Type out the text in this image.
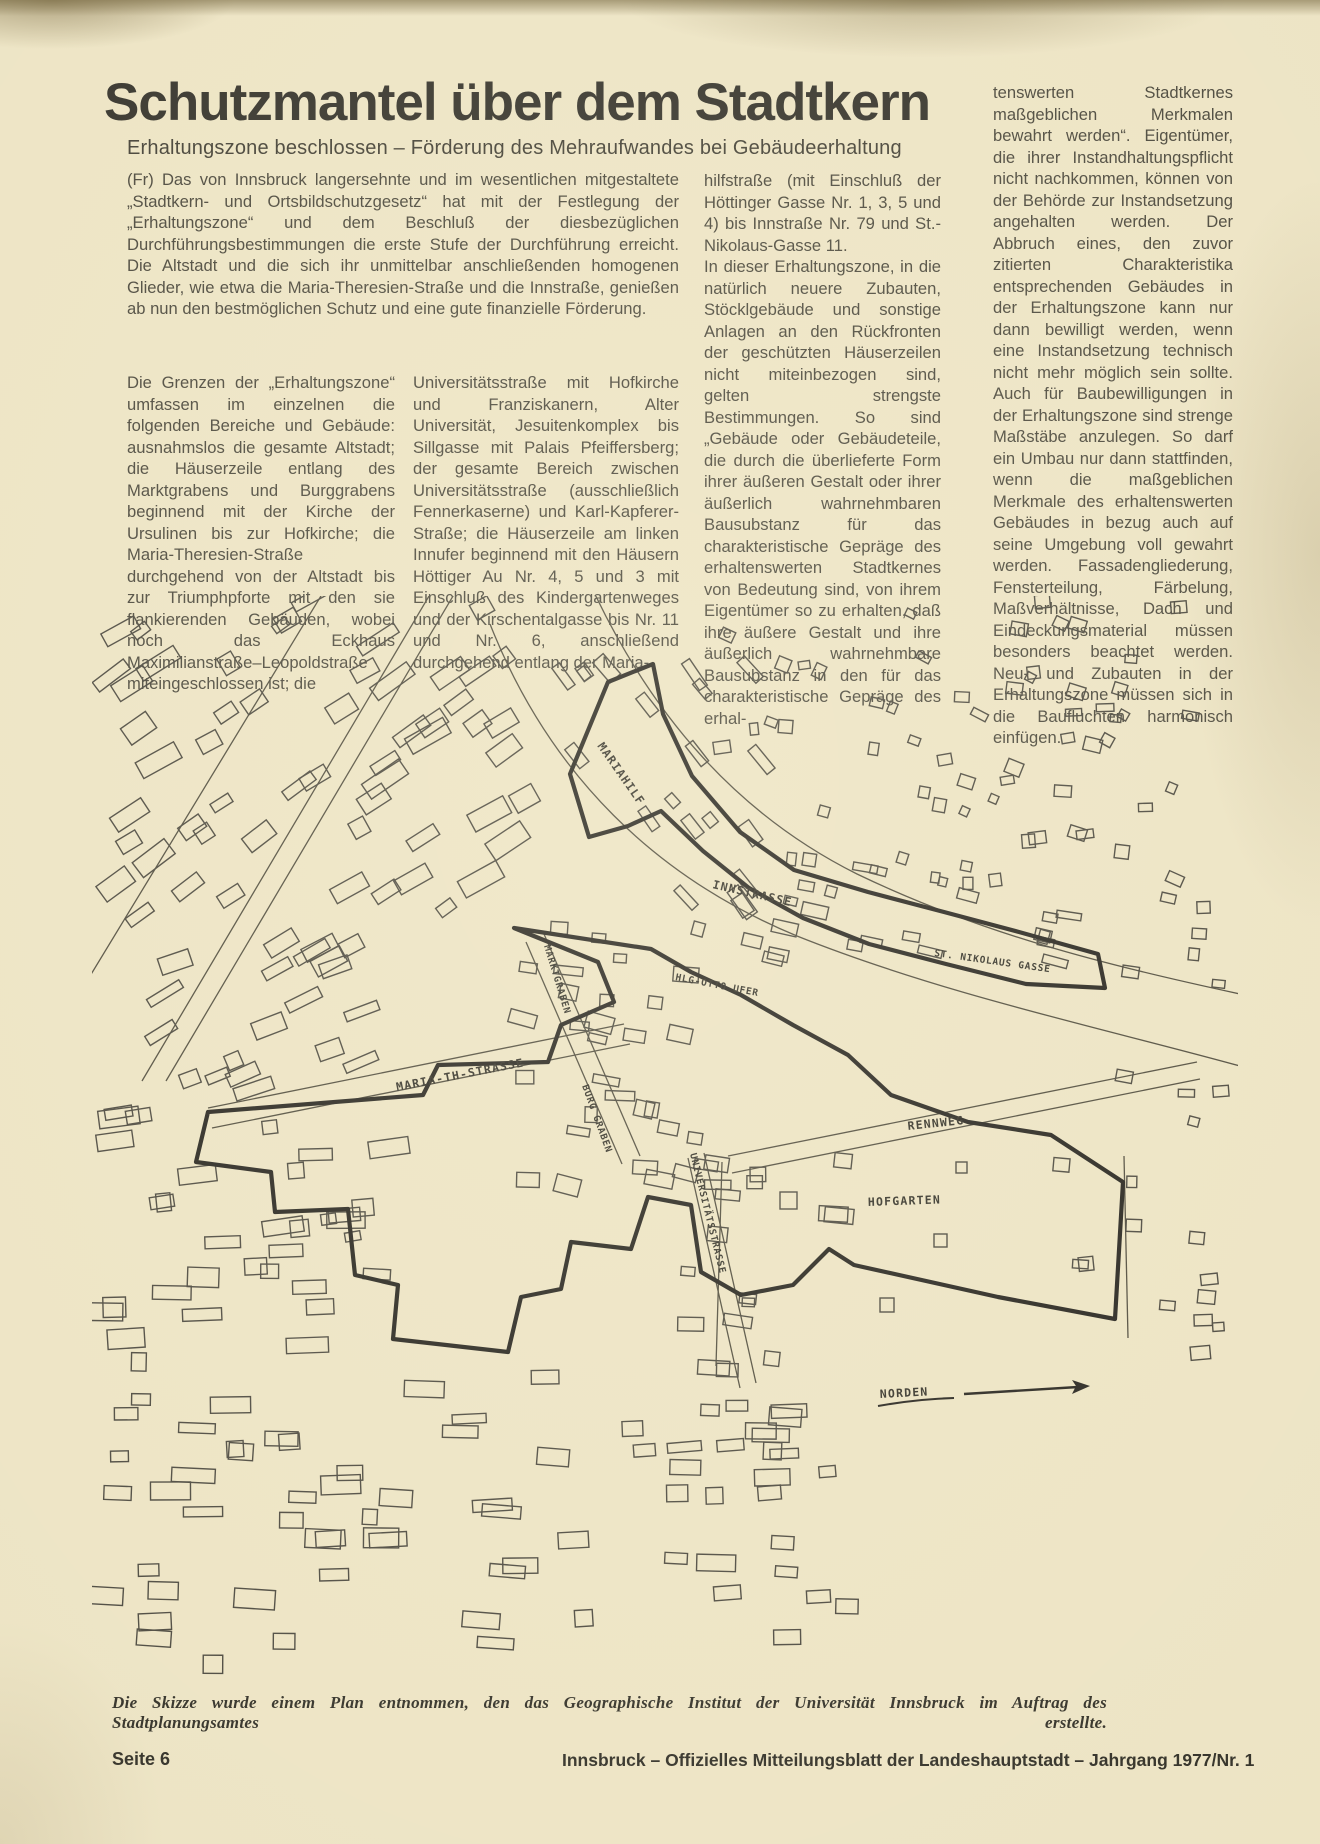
Schutzmantel über dem Stadtkern
Erhaltungszone beschlossen – Förderung des Mehraufwandes bei Gebäudeerhaltung

(Fr) Das von Innsbruck langersehnte und im wesentlichen mitgestaltete „Stadtkern- und Ortsbildschutzgesetz“ hat mit der Festlegung der „Erhaltungszone“ und dem Beschluß der diesbezüglichen Durchführungsbestimmungen die erste Stufe der Durchführung erreicht. Die Altstadt und die sich ihr unmittelbar anschließenden homogenen Glieder, wie etwa die Maria-Theresien-Straße und die Innstraße, genießen ab nun den bestmöglichen Schutz und eine gute finanzielle Förderung.

Die Grenzen der „Erhaltungszone“ umfassen im einzelnen die folgenden Bereiche und Gebäude: ausnahmslos die gesamte Altstadt; die Häuserzeile entlang des Marktgrabens und Burggrabens beginnend mit der Kirche der Ursulinen bis zur Hofkirche; die Maria-Theresien-Straße durchgehend von der Altstadt bis zur Triumphpforte mit den sie flankierenden Gebäuden, wobei noch das Eckhaus Maximilianstraße–Leopoldstraße miteingeschlossen ist; die

Universitätsstraße mit Hofkirche und Franziskanern, Alter Universität, Jesuitenkomplex bis Sillgasse mit Palais Pfeiffersberg; der gesamte Bereich zwischen Universitätsstraße (ausschließlich Fennerkaserne) und Karl-Kapferer-Straße; die Häuserzeile am linken Innufer beginnend mit den Häusern Höttiger Au Nr. 4, 5 und 3 mit Einschluß des Kindergartenweges und der Kirschentalgasse bis Nr. 11 und Nr. 6, anschließend durchgehend entlang der Maria-

hilfstraße (mit Einschluß der Höttinger Gasse Nr. 1, 3, 5 und 4) bis Innstraße Nr. 79 und St.-Nikolaus-Gasse 11.

In dieser Erhaltungszone, in die natürlich neuere Zubauten, Stöcklgebäude und sonstige Anlagen an den Rückfronten der geschützten Häuserzeilen nicht miteinbezogen sind, gelten strengste Bestimmungen. So sind „Gebäude oder Gebäudeteile, die durch die überlieferte Form ihrer äußeren Gestalt oder ihrer äußerlich wahrnehmbaren Bausubstanz für das charakteristische Gepräge des erhaltenswerten Stadtkernes von Bedeutung sind, von ihrem Eigentümer so zu erhalten, daß ihre äußere Gestalt und ihre äußerlich wahrnehmbare Bausubstanz in den für das charakteristische Gepräge des erhal-

tenswerten Stadtkernes maßgeblichen Merkmalen bewahrt werden“. Eigentümer, die ihrer Instandhaltungspflicht nicht nachkommen, können von der Behörde zur Instandsetzung angehalten werden. Der Abbruch eines, den zuvor zitierten Charakteristika entsprechenden Gebäudes in der Erhaltungszone kann nur dann bewilligt werden, wenn eine Instandsetzung technisch nicht mehr möglich sein sollte. Auch für Baubewilligungen in der Erhaltungszone sind strenge Maßstäbe anzulegen. So darf ein Umbau nur dann stattfinden, wenn die maßgeblichen Merkmale des erhaltenswerten Gebäudes in bezug auch auf seine Umgebung voll gewahrt werden. Fassadengliederung, Fensterteilung, Färbelung, Maßverhältnisse, Dach und Eindeckungsmaterial müssen besonders beachtet werden. Neu- und Zubauten in der Erhaltungszone müssen sich in die Baufluchten harmonisch einfügen.

MARIAHILF
INNSTRASSE
ST. NIKOLAUS GASSE
MARKTGRABEN	HLG-OTTO UFER
MARIA-TH-STRASSE
BURG GRABEN
UNIVERSITÄTSSTRASSE
RENNWEG
HOFGARTEN
NORDEN

Die Skizze wurde einem Plan entnommen, den das Geographische Institut der Universität Innsbruck im Auftrag des Stadtplanungsamtes erstellte.

Seite 6	Innsbruck – Offizielles Mitteilungsblatt der Landeshauptstadt – Jahrgang 1977/Nr. 1
